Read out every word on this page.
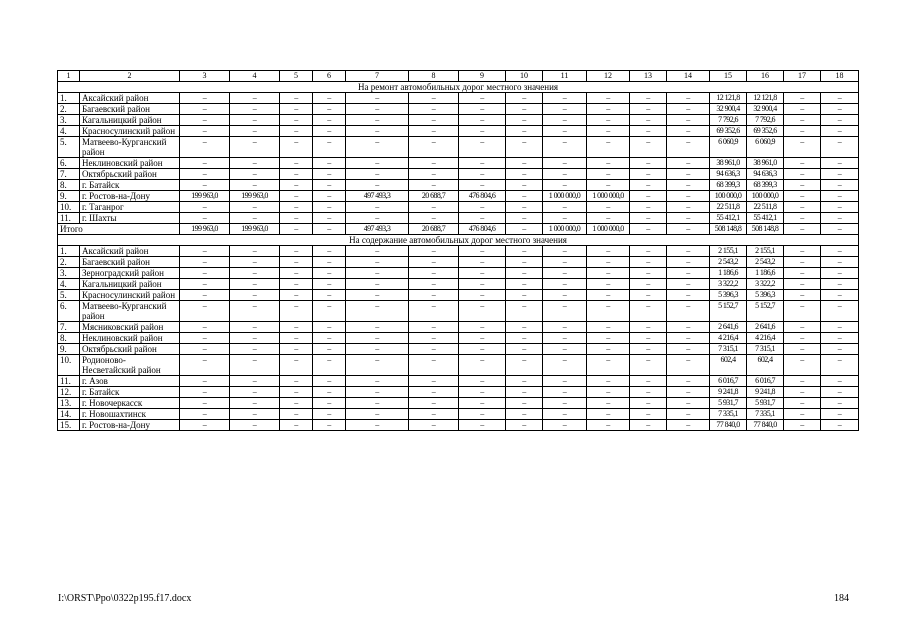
1	2	3	4	5	6	7	8	9	10	11	12	13	14	15	16	17	18
На ремонт автомобильных дорог местного значения																	
1.	Аксайский район	–	–	–	–	–	–	–	–	–	–	–	–	12 121,8	12 121,8	–	–
2.	Багаевский район	–	–	–	–	–	–	–	–	–	–	–	–	32 900,4	32 900,4	–	–
3.	Кагальницкий район	–	–	–	–	–	–	–	–	–	–	–	–	7 792,6	7 792,6	–	–
4.	Красносулинский район	–	–	–	–	–	–	–	–	–	–	–	–	69 352,6	69 352,6	–	–
5.	Матвеево-Курганский район	–	–	–	–	–	–	–	–	–	–	–	–	6 060,9	6 060,9	–	–
6.	Неклиновский район	–	–	–	–	–	–	–	–	–	–	–	–	38 961,0	38 961,0	–	–
7.	Октябрьский район	–	–	–	–	–	–	–	–	–	–	–	–	94 636,3	94 636,3	–	–
8.	г. Батайск	–	–	–	–	–	–	–	–	–	–	–	–	68 399,3	68 399,3	–	–
9.	г. Ростов-на-Дону	199 963,0	199 963,0	–	–	497 493,3	20 688,7	476 804,6	–	1 000 000,0	1 000 000,0	–	–	100 000,0	100 000,0	–	–
10.	г. Таганрог	–	–	–	–	–	–	–	–	–	–	–	–	22 511,8	22 511,8	–	–
11.	г. Шахты	–	–	–	–	–	–	–	–	–	–	–	–	55 412,1	55 412,1	–	–
Итого		199 963,0	199 963,0	–	–	497 493,3	20 688,7	476 804,6	–	1 000 000,0	1 000 000,0	–	–	508 148,8	508 148,8	–	–
На содержание автомобильных дорог местного значения																	
1.	Аксайский район	–	–	–	–	–	–	–	–	–	–	–	–	2 155,1	2 155,1	–	–
2.	Багаевский район	–	–	–	–	–	–	–	–	–	–	–	–	2 543,2	2 543,2	–	–
3.	Зерноградский район	–	–	–	–	–	–	–	–	–	–	–	–	1 186,6	1 186,6	–	–
4.	Кагальницкий район	–	–	–	–	–	–	–	–	–	–	–	–	3 322,2	3 322,2	–	–
5.	Красносулинский район	–	–	–	–	–	–	–	–	–	–	–	–	5 396,3	5 396,3	–	–
6.	Матвеево-Курганский район	–	–	–	–	–	–	–	–	–	–	–	–	5 152,7	5 152,7	–	–
7.	Мясниковский район	–	–	–	–	–	–	–	–	–	–	–	–	2 641,6	2 641,6	–	–
8.	Неклиновский район	–	–	–	–	–	–	–	–	–	–	–	–	4 216,4	4 216,4	–	–
9.	Октябрьский район	–	–	–	–	–	–	–	–	–	–	–	–	7 315,1	7 315,1	–	–
10.	Родионово-Несветайский район	–	–	–	–	–	–	–	–	–	–	–	–	602,4	602,4	–	–
11.	г. Азов	–	–	–	–	–	–	–	–	–	–	–	–	6 016,7	6 016,7	–	–
12.	г. Батайск	–	–	–	–	–	–	–	–	–	–	–	–	9 241,8	9 241,8	–	–
13.	г. Новочеркасск	–	–	–	–	–	–	–	–	–	–	–	–	5 931,7	5 931,7	–	–
14.	г. Новошахтинск	–	–	–	–	–	–	–	–	–	–	–	–	7 335,1	7 335,1	–	–
15.	г. Ростов-на-Дону	–	–	–	–	–	–	–	–	–	–	–	–	77 840,0	77 840,0	–	–
I:\ORST\Ppo\0322p195.f17.docx	184
